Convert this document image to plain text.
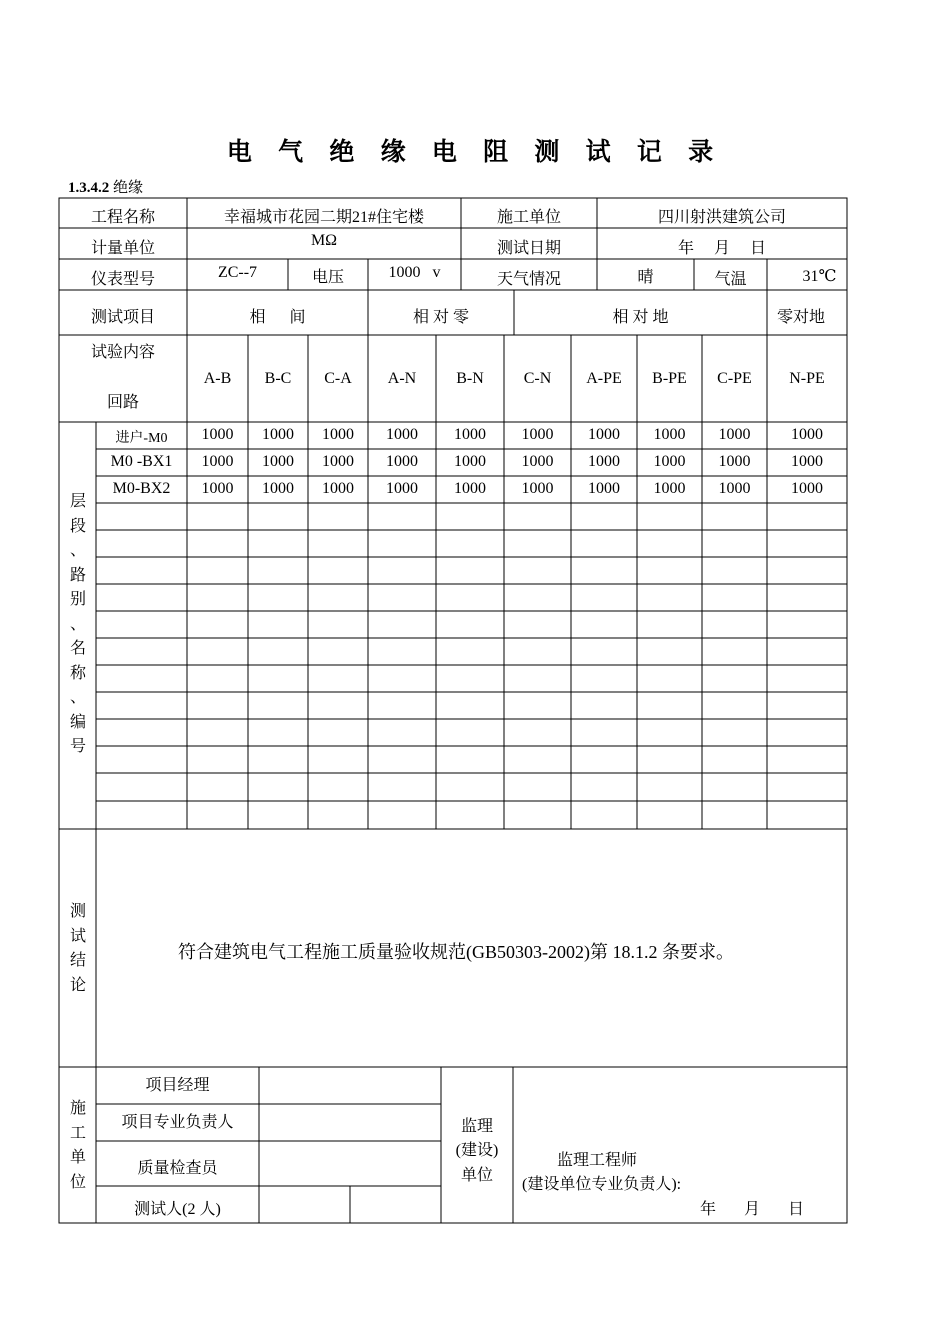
电 气 绝 缘 电 阻 测 试 记 录
1.3.4.2 绝缘
工程名称	幸福城市花园二期21#住宅楼	施工单位	四川射洪建筑公司
计量单位	MΩ	测试日期	年     月     日
仪表型号	ZC--7	电压	1000   v	天气情况	晴	气温	31℃
测试项目	相      间	相 对 零	相 对 地	零对地
试验内容
回路
A-B	B-C	C-A	A-N	B-N	C-N	A-PE	B-PE	C-PE	N-PE
层
段
、
路
别
、
名
称
、
编
号
进户-M0	1000	1000	1000	1000	1000	1000	1000	1000	1000	1000
M0 -BX1	1000	1000	1000	1000	1000	1000	1000	1000	1000	1000
M0-BX2	1000	1000	1000	1000	1000	1000	1000	1000	1000	1000
测
试
结
论
符合建筑电气工程施工质量验收规范(GB50303-2002)第 18.1.2 条要求。
施
工
单
位
项目经理
项目专业负责人
质量检查员
测试人(2 人)
监理
(建设)
单位
监理工程师
(建设单位专业负责人):
年       月       日
